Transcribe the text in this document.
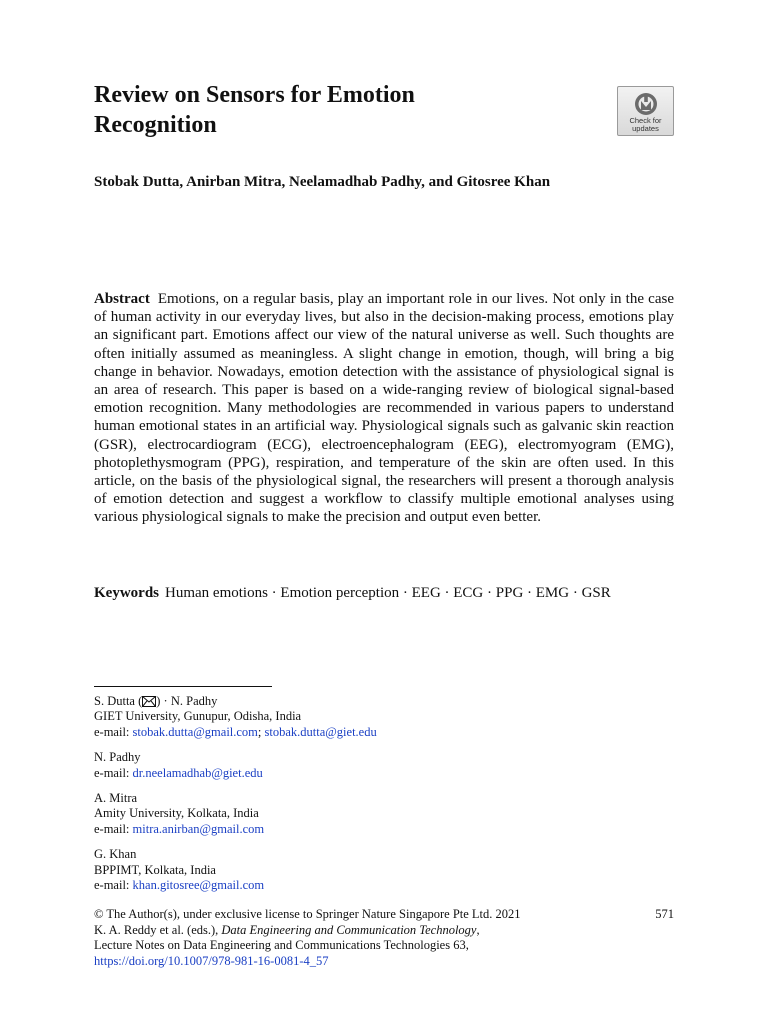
Review on Sensors for Emotion
Recognition	Check for
updates
Stobak Dutta, Anirban Mitra, Neelamadhab Padhy, and Gitosree Khan
Abstract Emotions, on a regular basis, play an important role in our lives. Not only in the case of human activity in our everyday lives, but also in the decision-making process, emotions play an significant part. Emotions affect our view of the natural universe as well. Such thoughts are often initially assumed as meaningless. A slight change in emotion, though, will bring a big change in behavior. Nowadays, emotion detection with the assistance of physiological signal is an area of research. This paper is based on a wide-ranging review of biological signal-based emotion recognition. Many methodologies are recommended in various papers to understand human emotional states in an artificial way. Physiological signals such as galvanic skin reaction (GSR), electrocardiogram (ECG), electroencephalogram (EEG), electromyogram (EMG), photoplethysmogram (PPG), respiration, and temperature of the skin are often used. In this article, on the basis of the physiological signal, the researchers will present a thorough analysis of emotion detection and suggest a workflow to classify multiple emotional analyses using various physiological signals to make the precision and output even better.
Keywords Human emotions · Emotion perception · EEG · ECG · PPG · EMG · GSR
S. Dutta ( ) · N. Padhy
GIET University, Gunupur, Odisha, India
e-mail: stobak.dutta@gmail.com; stobak.dutta@giet.edu
N. Padhy
e-mail: dr.neelamadhab@giet.edu
A. Mitra
Amity University, Kolkata, India
e-mail: mitra.anirban@gmail.com
G. Khan
BPPIMT, Kolkata, India
e-mail: khan.gitosree@gmail.com
© The Author(s), under exclusive license to Springer Nature Singapore Pte Ltd. 2021	571
K. A. Reddy et al. (eds.), Data Engineering and Communication Technology,
Lecture Notes on Data Engineering and Communications Technologies 63,
https://doi.org/10.1007/978-981-16-0081-4_57
